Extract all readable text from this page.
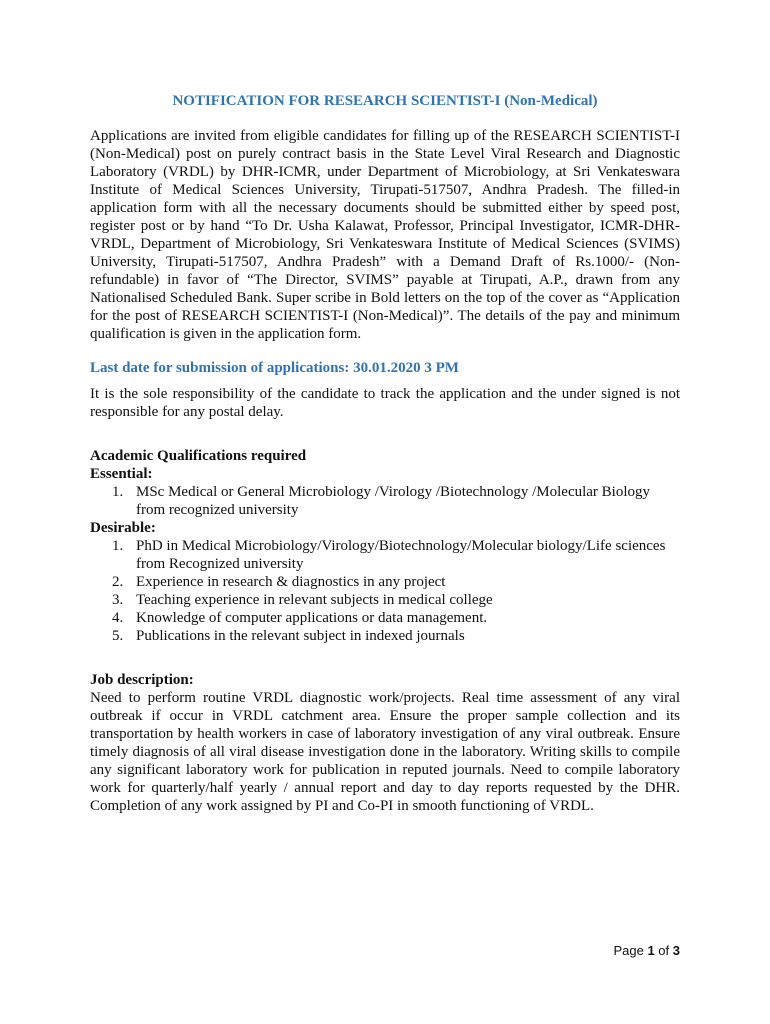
NOTIFICATION FOR RESEARCH SCIENTIST-I (Non-Medical)

Applications are invited from eligible candidates for filling up of the RESEARCH SCIENTIST-I (Non-Medical) post on purely contract basis in the State Level Viral Research and Diagnostic Laboratory (VRDL) by DHR-ICMR, under Department of Microbiology, at Sri Venkateswara Institute of Medical Sciences University, Tirupati-517507, Andhra Pradesh. The filled-in application form with all the necessary documents should be submitted either by speed post, register post or by hand “To Dr. Usha Kalawat, Professor, Principal Investigator, ICMR-DHR-VRDL, Department of Microbiology, Sri Venkateswara Institute of Medical Sciences (SVIMS) University, Tirupati-517507, Andhra Pradesh” with a Demand Draft of Rs.1000/- (Non-refundable) in favor of “The Director, SVIMS” payable at Tirupati, A.P., drawn from any Nationalised Scheduled Bank. Super scribe in Bold letters on the top of the cover as “Application for the post of RESEARCH SCIENTIST-I (Non-Medical)”. The details of the pay and minimum qualification is given in the application form.

Last date for submission of applications: 30.01.2020 3 PM

It is the sole responsibility of the candidate to track the application and the under signed is not responsible for any postal delay.

Academic Qualifications required

Essential:

1. MSc Medical or General Microbiology /Virology /Biotechnology /Molecular Biology from recognized university

Desirable:

1. PhD in Medical Microbiology/Virology/Biotechnology/Molecular biology/Life sciences from Recognized university
2. Experience in research & diagnostics in any project
3. Teaching experience in relevant subjects in medical college
4. Knowledge of computer applications or data management.
5. Publications in the relevant subject in indexed journals

Job description:

Need to perform routine VRDL diagnostic work/projects. Real time assessment of any viral outbreak if occur in VRDL catchment area. Ensure the proper sample collection and its transportation by health workers in case of laboratory investigation of any viral outbreak. Ensure timely diagnosis of all viral disease investigation done in the laboratory. Writing skills to compile any significant laboratory work for publication in reputed journals. Need to compile laboratory work for quarterly/half yearly / annual report and day to day reports requested by the DHR. Completion of any work assigned by PI and Co-PI in smooth functioning of VRDL.

Page 1 of 3
